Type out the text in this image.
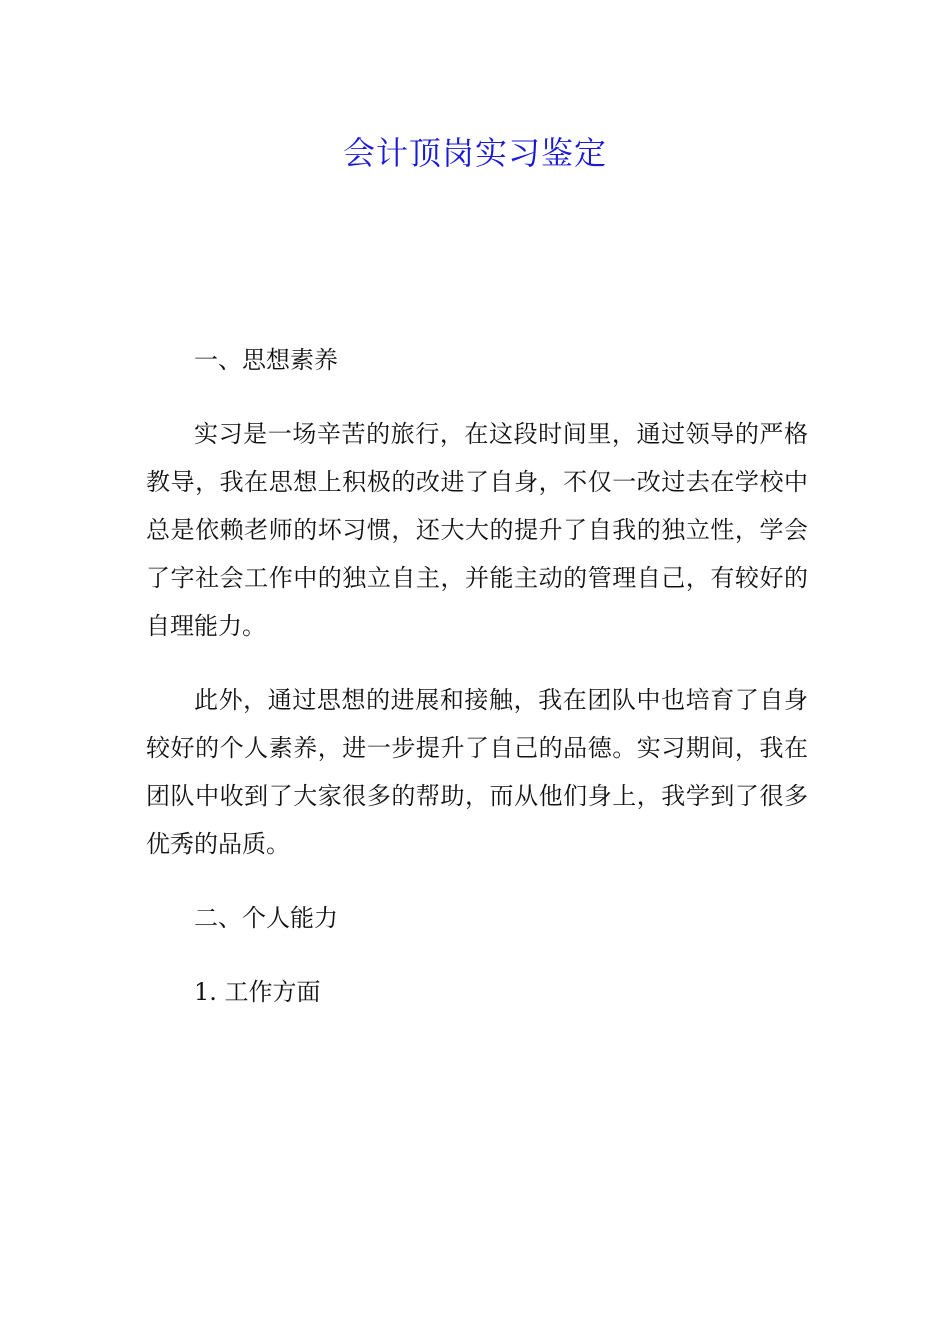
会计顶岗实习鉴定

一、思想素养

实习是一场辛苦的旅行，在这段时间里，通过领导的严格教导，我在思想上积极的改进了自身，不仅一改过去在学校中总是依赖老师的坏习惯，还大大的提升了自我的独立性，学会了字社会工作中的独立自主，并能主动的管理自己，有较好的自理能力。

此外，通过思想的进展和接触，我在团队中也培育了自身较好的个人素养，进一步提升了自己的品德。实习期间，我在团队中收到了大家很多的帮助，而从他们身上，我学到了很多优秀的品质。

二、个人能力

1. 工作方面
